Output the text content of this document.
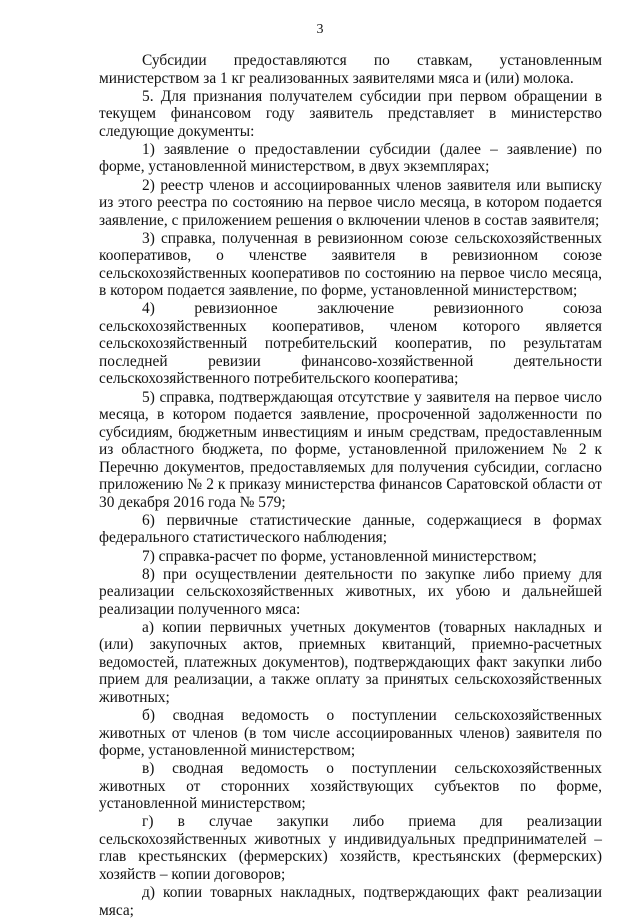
3

Субсидии предоставляются по ставкам, установленным министерством за 1 кг реализованных заявителями мяса и (или) молока.

5. Для признания получателем субсидии при первом обращении в текущем финансовом году заявитель представляет в министерство следующие документы:

1) заявление о предоставлении субсидии (далее – заявление) по форме, установленной министерством, в двух экземплярах;

2) реестр членов и ассоциированных членов заявителя или выписку из этого реестра по состоянию на первое число месяца, в котором подается заявление, с приложением решения о включении членов в состав заявителя;

3) справка, полученная в ревизионном союзе сельскохозяйственных кооперативов, о членстве заявителя в ревизионном союзе сельскохозяйственных кооперативов по состоянию на первое число месяца, в котором подается заявление, по форме, установленной министерством;

4) ревизионное заключение ревизионного союза сельскохозяйственных кооперативов, членом которого является сельскохозяйственный потребительский кооператив, по результатам последней ревизии финансово-хозяйственной деятельности сельскохозяйственного потребительского кооператива;

5) справка, подтверждающая отсутствие у заявителя на первое число месяца, в котором подается заявление, просроченной задолженности по субсидиям, бюджетным инвестициям и иным средствам, предоставленным из областного бюджета, по форме, установленной приложением № 2 к Перечню документов, предоставляемых для получения субсидии, согласно приложению № 2 к приказу министерства финансов Саратовской области от 30 декабря 2016 года № 579;

6) первичные статистические данные, содержащиеся в формах федерального статистического наблюдения;

7) справка-расчет по форме, установленной министерством;

8) при осуществлении деятельности по закупке либо приему для реализации сельскохозяйственных животных, их убою и дальнейшей реализации полученного мяса:

а) копии первичных учетных документов (товарных накладных и (или) закупочных актов, приемных квитанций, приемно-расчетных ведомостей, платежных документов), подтверждающих факт закупки либо прием для реализации, а также оплату за принятых сельскохозяйственных животных;

б) сводная ведомость о поступлении сельскохозяйственных животных от членов (в том числе ассоциированных членов) заявителя по форме, установленной министерством;

в) сводная ведомость о поступлении сельскохозяйственных животных от сторонних хозяйствующих субъектов по форме, установленной министерством;

г) в случае закупки либо приема для реализации сельскохозяйственных животных у индивидуальных предпринимателей – глав крестьянских (фермерских) хозяйств, крестьянских (фермерских) хозяйств – копии договоров;

д) копии товарных накладных, подтверждающих факт реализации мяса;
